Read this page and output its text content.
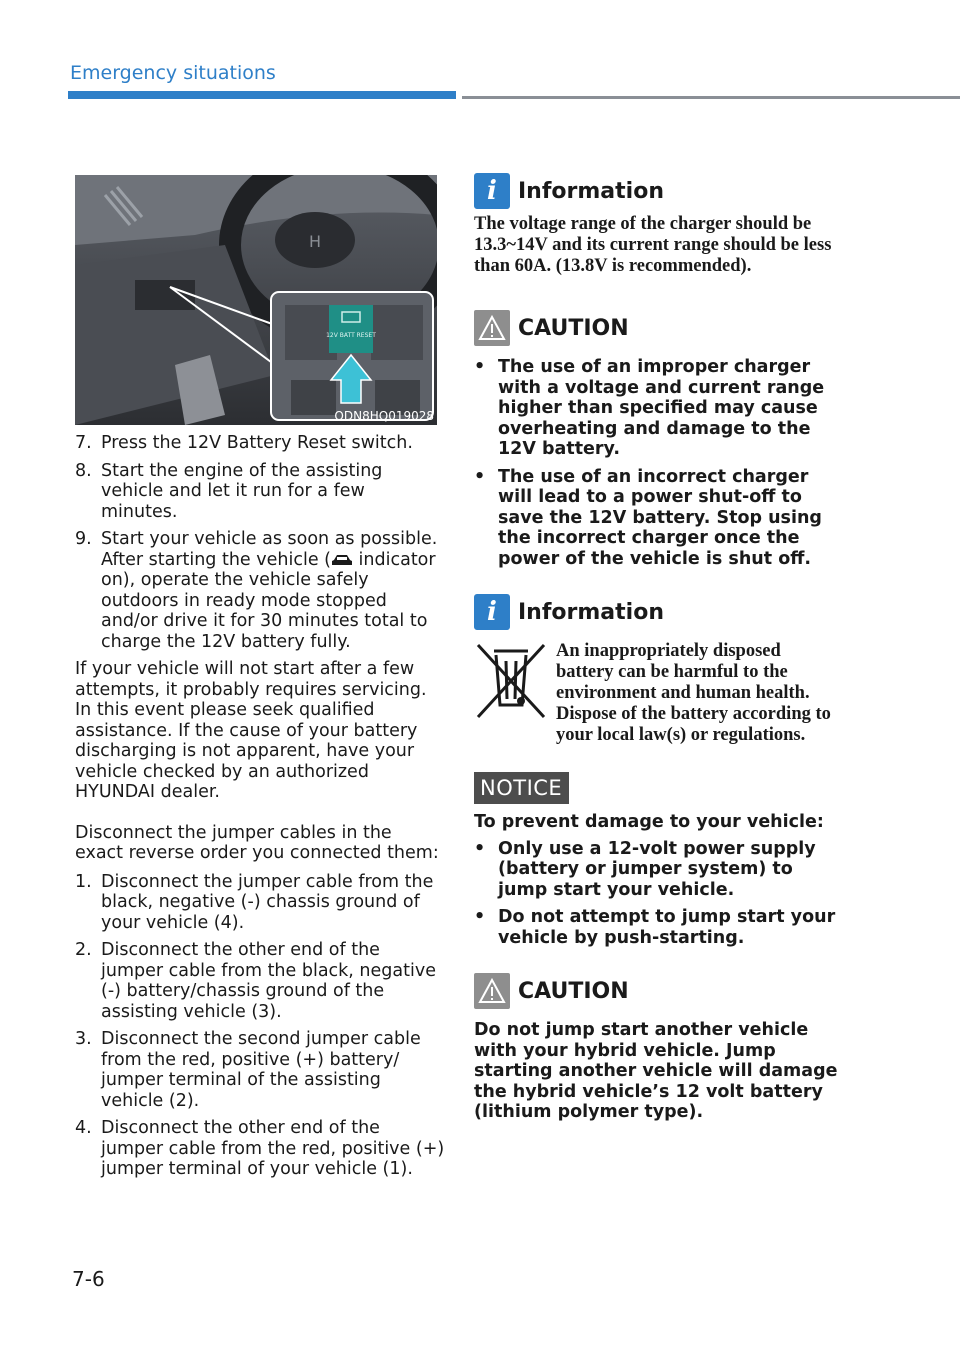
Emergency situations
H
12V BATT RESET
ODN8HQ019028
7. Press the 12V Battery Reset switch.
8. Start the engine of the assisting vehicle and let it run for a few minutes.
9. Start your vehicle as soon as possible. After starting the vehicle ( indicator on), operate the vehicle safely outdoors in ready mode stopped and/or drive it for 30 minutes total to charge the 12V battery fully.

If your vehicle will not start after a few attempts, it probably requires servicing. In this event please seek qualified assistance. If the cause of your battery discharging is not apparent, have your vehicle checked by an authorized HYUNDAI dealer.

Disconnect the jumper cables in the exact reverse order you connected them:

1. Disconnect the jumper cable from the black, negative (-) chassis ground of your vehicle (4).
2. Disconnect the other end of the jumper cable from the black, negative (-) battery/chassis ground of the assisting vehicle (3).
3. Disconnect the second jumper cable from the red, positive (+) battery/ jumper terminal of the assisting vehicle (2).
4. Disconnect the other end of the jumper cable from the red, positive (+) jumper terminal of your vehicle (1).
i Information
The voltage range of the charger should be 13.3~14V and its current range should be less than 60A. (13.8V is recommended).
CAUTION
• The use of an improper charger with a voltage and current range higher than specified may cause overheating and damage to the 12V battery.
• The use of an incorrect charger will lead to a power shut-off to save the 12V battery. Stop using the incorrect charger once the power of the vehicle is shut off.
i Information
An inappropriately disposed battery can be harmful to the environment and human health. Dispose of the battery according to your local law(s) or regulations.
NOTICE
To prevent damage to your vehicle:
• Only use a 12-volt power supply (battery or jumper system) to jump start your vehicle.
• Do not attempt to jump start your vehicle by push-starting.
CAUTION
Do not jump start another vehicle with your hybrid vehicle. Jump starting another vehicle will damage the hybrid vehicle’s 12 volt battery (lithium polymer type).
7-6
